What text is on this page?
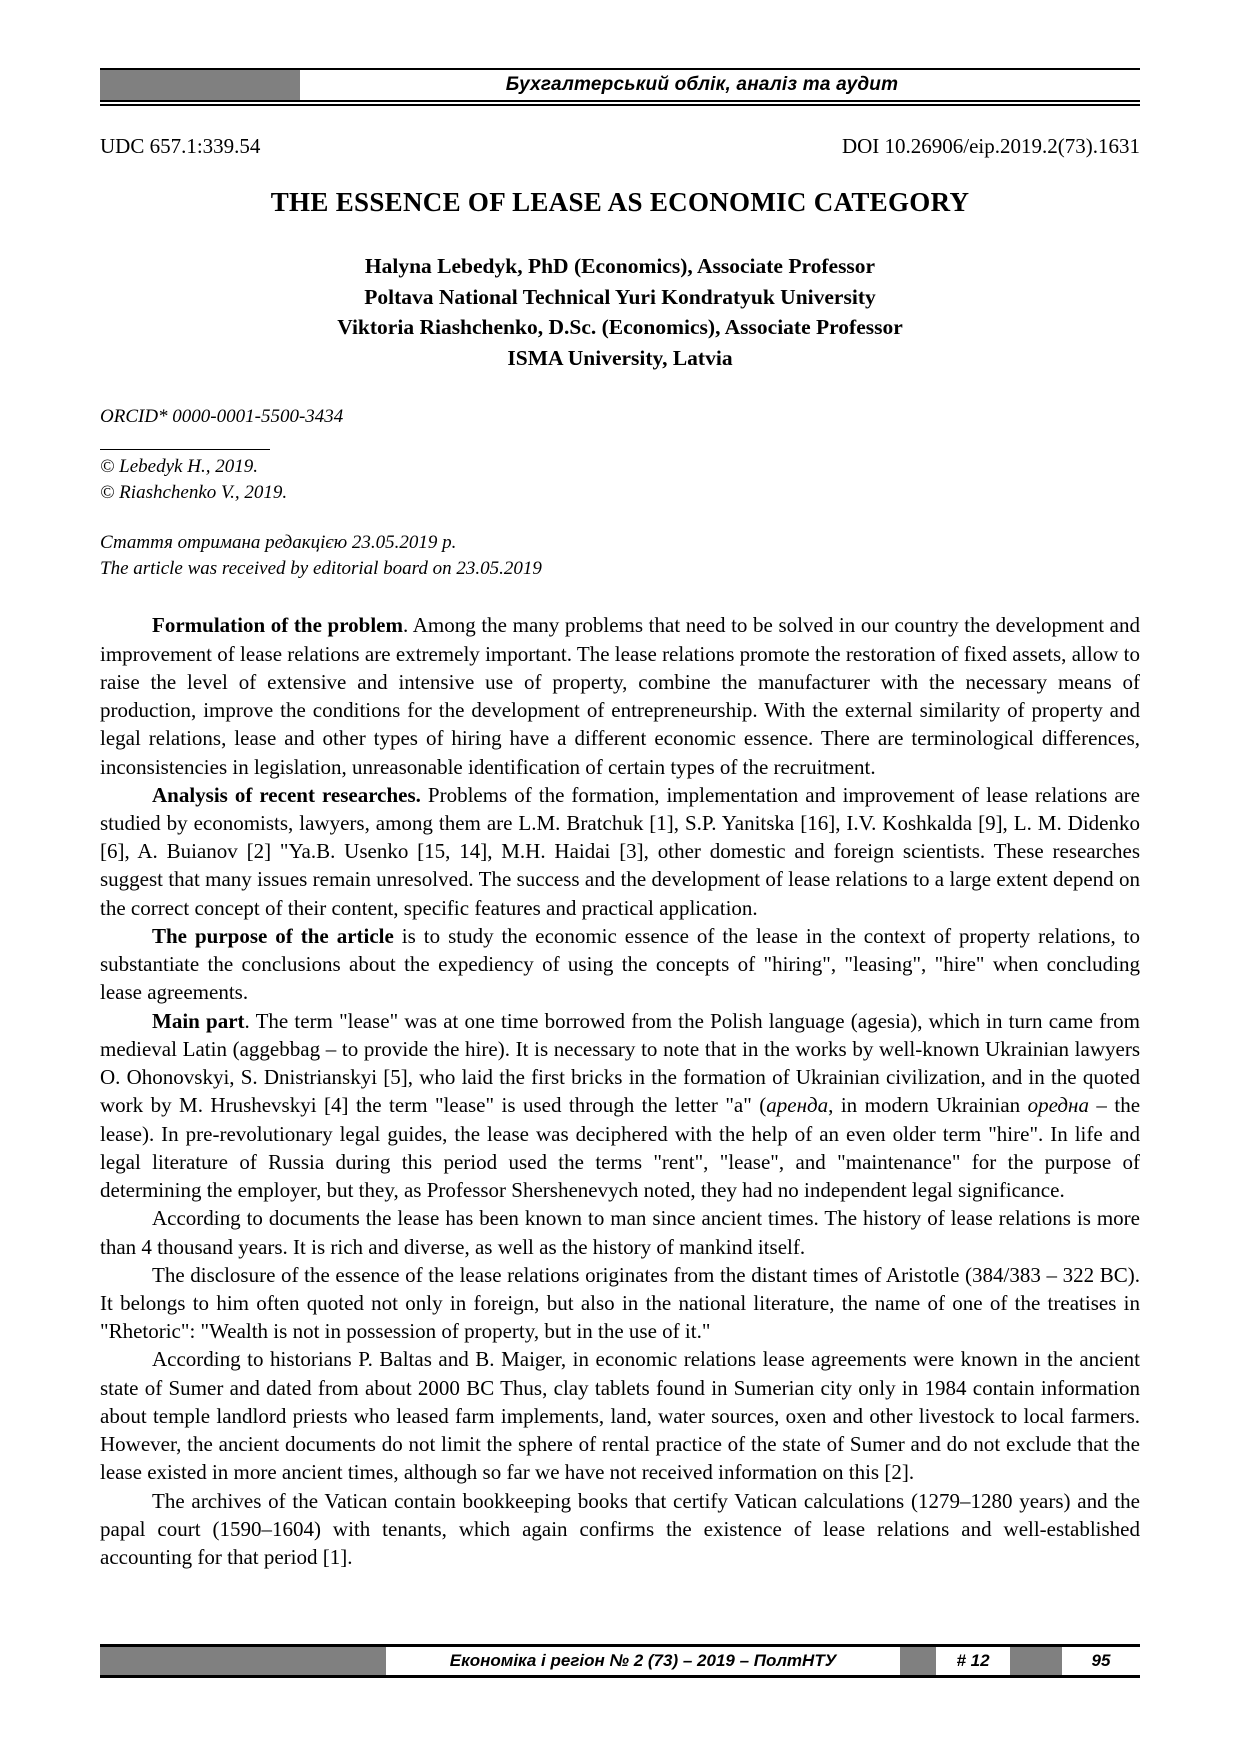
Бухгалтерський облік, аналіз та аудит
UDC 657.1:339.54	DOI 10.26906/eip.2019.2(73).1631
THE ESSENCE OF LEASE AS ECONOMIC CATEGORY
Halyna Lebedyk, PhD (Economics), Associate Professor
Poltava National Technical Yuri Kondratyuk University
Viktoria Riashchenko, D.Sc. (Economics), Associate Professor
ISMA University, Latvia
ORCID* 0000-0001-5500-3434
© Lebedyk H., 2019.
© Riashchenko V., 2019.
Стаття отримана редакцією 23.05.2019 р.
The article was received by editorial board on 23.05.2019

Formulation of the problem. Among the many problems that need to be solved in our country the development and improvement of lease relations are extremely important. The lease relations promote the restoration of fixed assets, allow to raise the level of extensive and intensive use of property, combine the manufacturer with the necessary means of production, improve the conditions for the development of entrepreneurship. With the external similarity of property and legal relations, lease and other types of hiring have a different economic essence. There are terminological differences, inconsistencies in legislation, unreasonable identification of certain types of the recruitment.

Analysis of recent researches. Problems of the formation, implementation and improvement of lease relations are studied by economists, lawyers, among them are L.M. Bratchuk [1], S.P. Yanitska [16], I.V. Koshkalda [9], L. M. Didenko [6], A. Buianov [2] "Ya.B. Usenko [15, 14], M.H. Haidai [3], other domestic and foreign scientists. These researches suggest that many issues remain unresolved. The success and the development of lease relations to a large extent depend on the correct concept of their content, specific features and practical application.

The purpose of the article is to study the economic essence of the lease in the context of property relations, to substantiate the conclusions about the expediency of using the concepts of "hiring", "leasing", "hire" when concluding lease agreements.

Main part. The term "lease" was at one time borrowed from the Polish language (agesia), which in turn came from medieval Latin (aggebbag – to provide the hire). It is necessary to note that in the works by well-known Ukrainian lawyers O. Ohonovskyi, S. Dnistrianskyi [5], who laid the first bricks in the formation of Ukrainian civilization, and in the quoted work by M. Hrushevskyi [4] the term "lease" is used through the letter "a" (аренда, in modern Ukrainian оредна – the lease). In pre-revolutionary legal guides, the lease was deciphered with the help of an even older term "hire". In life and legal literature of Russia during this period used the terms "rent", "lease", and "maintenance" for the purpose of determining the employer, but they, as Professor Shershenevych noted, they had no independent legal significance.

According to documents the lease has been known to man since ancient times. The history of lease relations is more than 4 thousand years. It is rich and diverse, as well as the history of mankind itself.

The disclosure of the essence of the lease relations originates from the distant times of Aristotle (384/383 – 322 BC). It belongs to him often quoted not only in foreign, but also in the national literature, the name of one of the treatises in "Rhetoric": "Wealth is not in possession of property, but in the use of it."

According to historians P. Baltas and B. Maiger, in economic relations lease agreements were known in the ancient state of Sumer and dated from about 2000 BC Thus, clay tablets found in Sumerian city only in 1984 contain information about temple landlord priests who leased farm implements, land, water sources, oxen and other livestock to local farmers. However, the ancient documents do not limit the sphere of rental practice of the state of Sumer and do not exclude that the lease existed in more ancient times, although so far we have not received information on this [2].

The archives of the Vatican contain bookkeeping books that certify Vatican calculations (1279–1280 years) and the papal court (1590–1604) with tenants, which again confirms the existence of lease relations and well-established accounting for that period [1].

Економіка і регіон № 2 (73) – 2019 – ПолтНТУ	# 12	95
